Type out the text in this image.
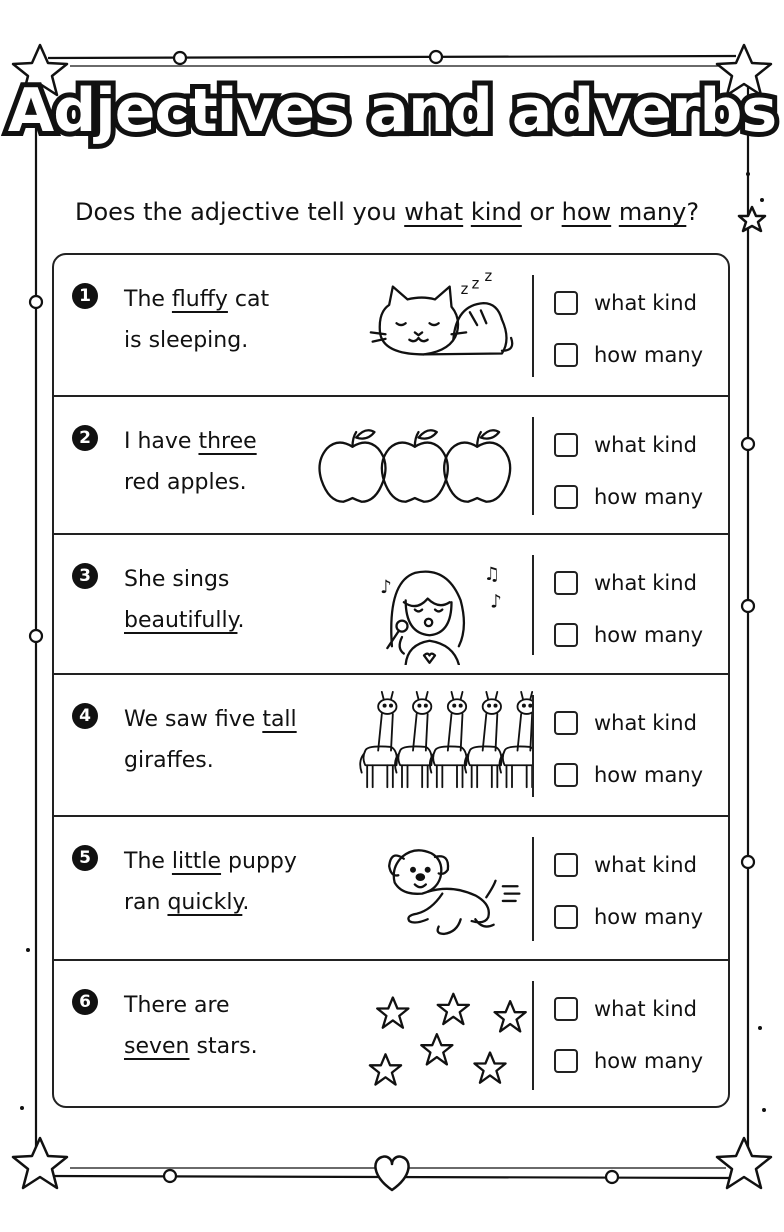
Adjectives and adverbs
Does the adjective tell you what kind or how many?
1	The fluffy cat
is sleeping.
z z z
what kind
how many
2	I have three
red apples.
what kind
how many
3	She sings
beautifully.
♫
♪
♪	what kind
how many
4	We saw five tall
giraffes.
what kind
how many
5	The little puppy
ran quickly.
what kind
how many
6	There are
seven stars.
what kind
how many
